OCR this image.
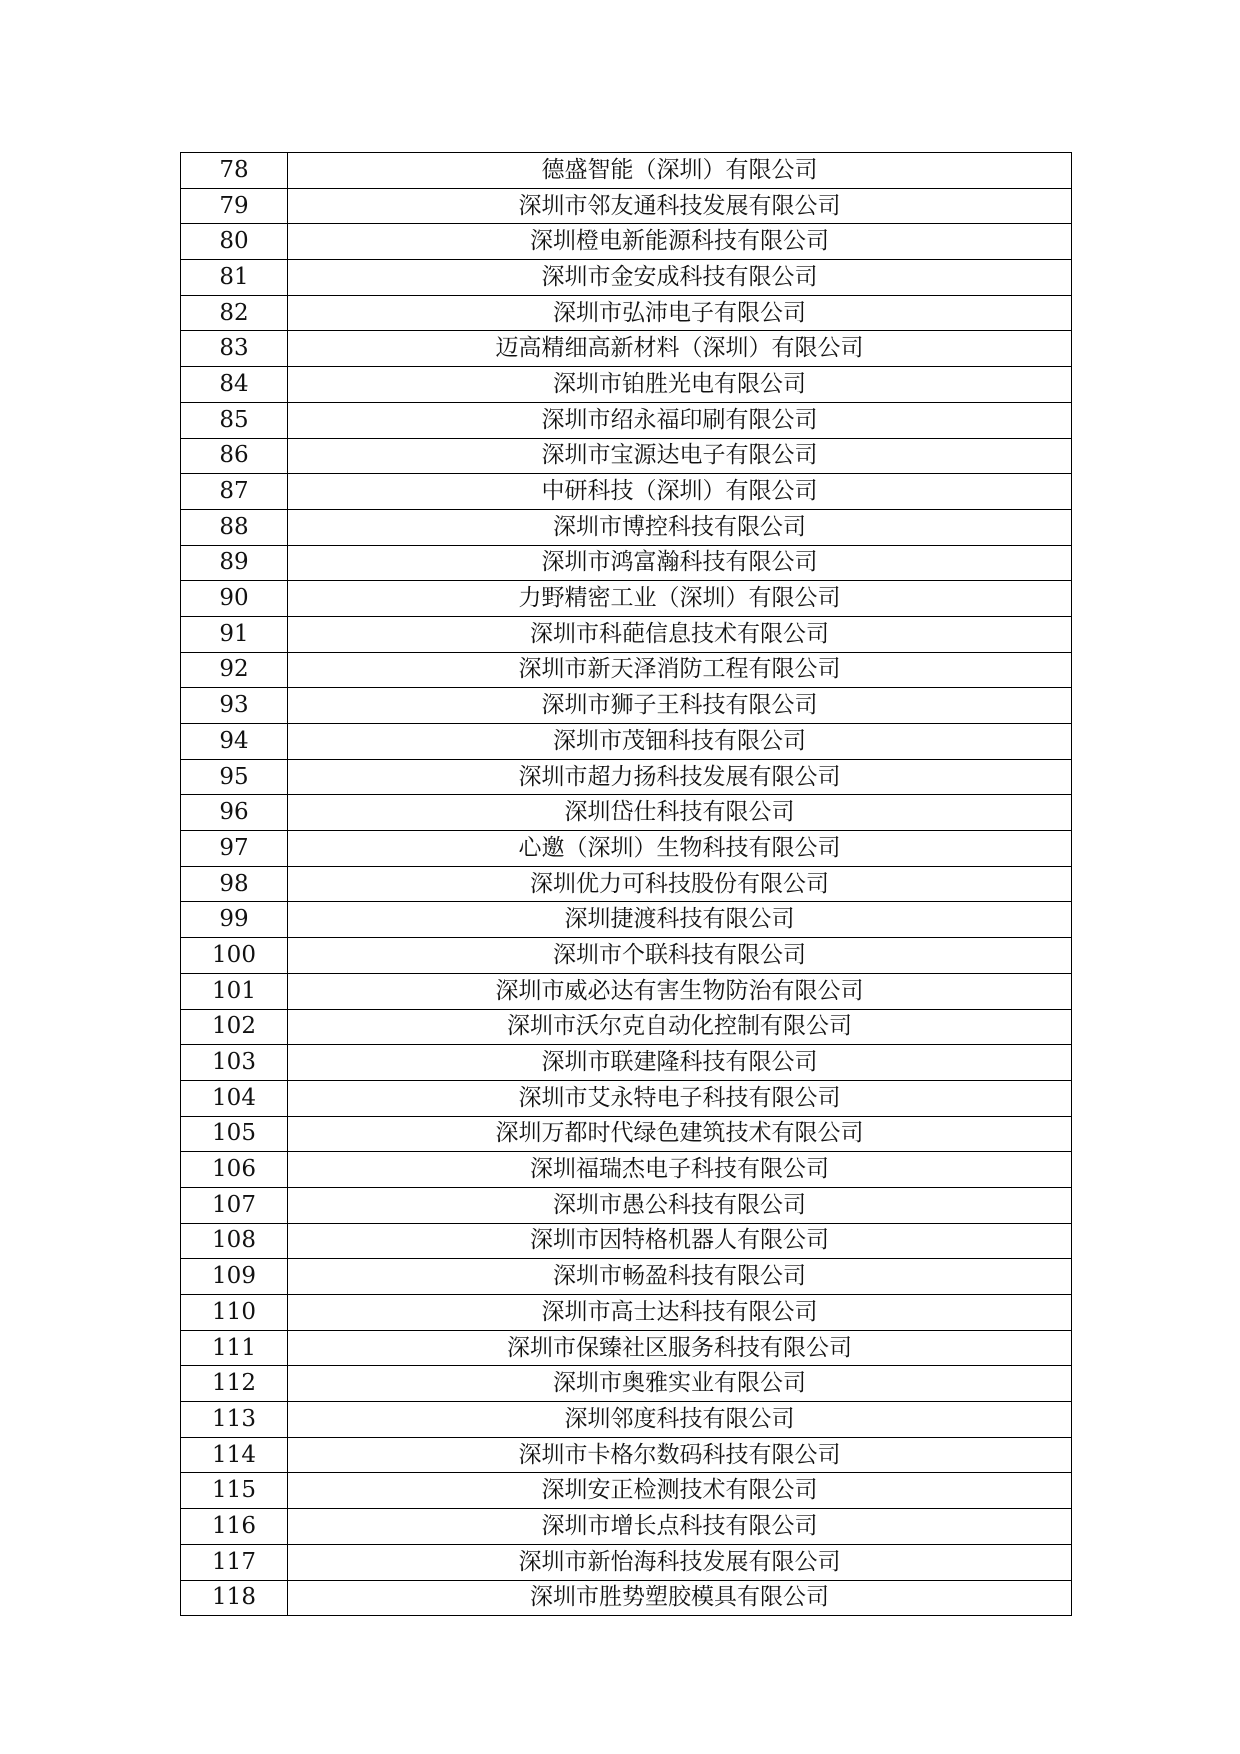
78	德盛智能（深圳）有限公司
79	深圳市邻友通科技发展有限公司
80	深圳橙电新能源科技有限公司
81	深圳市金安成科技有限公司
82	深圳市弘沛电子有限公司
83	迈高精细高新材料（深圳）有限公司
84	深圳市铂胜光电有限公司
85	深圳市绍永福印刷有限公司
86	深圳市宝源达电子有限公司
87	中研科技（深圳）有限公司
88	深圳市博控科技有限公司
89	深圳市鸿富瀚科技有限公司
90	力野精密工业（深圳）有限公司
91	深圳市科葩信息技术有限公司
92	深圳市新天泽消防工程有限公司
93	深圳市狮子王科技有限公司
94	深圳市茂钿科技有限公司
95	深圳市超力扬科技发展有限公司
96	深圳岱仕科技有限公司
97	心邀（深圳）生物科技有限公司
98	深圳优力可科技股份有限公司
99	深圳捷渡科技有限公司
100	深圳市个联科技有限公司
101	深圳市威必达有害生物防治有限公司
102	深圳市沃尔克自动化控制有限公司
103	深圳市联建隆科技有限公司
104	深圳市艾永特电子科技有限公司
105	深圳万都时代绿色建筑技术有限公司
106	深圳福瑞杰电子科技有限公司
107	深圳市愚公科技有限公司
108	深圳市因特格机器人有限公司
109	深圳市畅盈科技有限公司
110	深圳市高士达科技有限公司
111	深圳市保臻社区服务科技有限公司
112	深圳市奥雅实业有限公司
113	深圳邻度科技有限公司
114	深圳市卡格尔数码科技有限公司
115	深圳安正检测技术有限公司
116	深圳市增长点科技有限公司
117	深圳市新怡海科技发展有限公司
118	深圳市胜势塑胶模具有限公司
